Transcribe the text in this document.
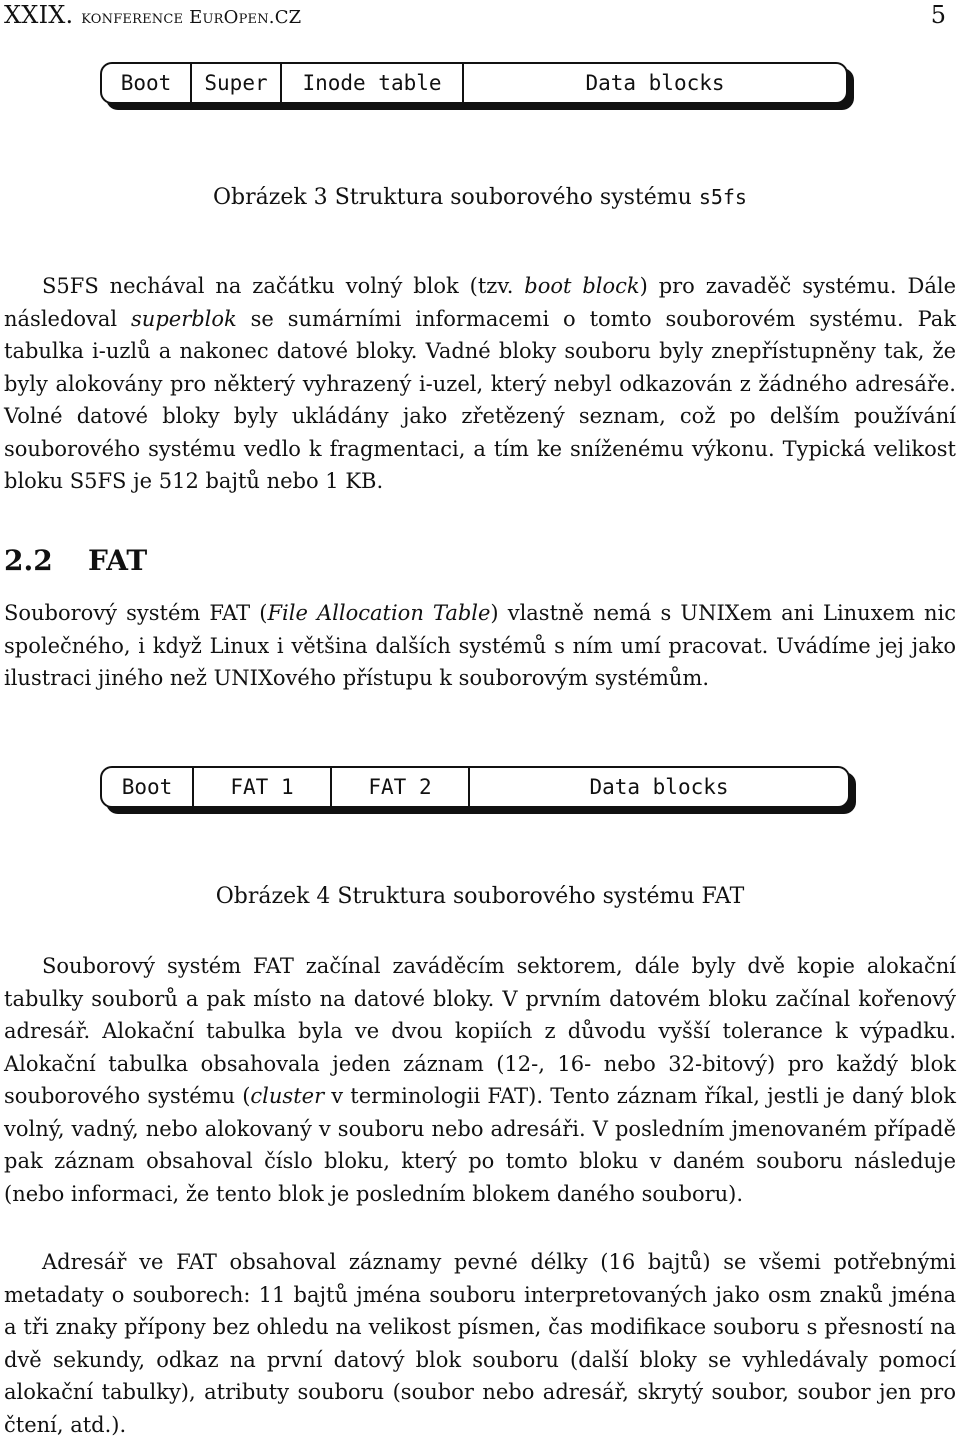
XXIX. konference EurOpen.CZ	5
Boot	Super	Inode table	Data blocks
Obrázek 3 Struktura souborového systému s5fs

S5FS nechával na začátku volný blok (tzv. boot block) pro zavaděč systému. Dále následoval superblok se sumárními informacemi o tomto souborovém systému. Pak tabulka i-uzlů a nakonec datové bloky. Vadné bloky souboru byly znepřístupněny tak, že byly alokovány pro některý vyhrazený i-uzel, který nebyl odkazován z žádného adresáře. Volné datové bloky byly ukládány jako zřetězený seznam, což po delším používání souborového systému vedlo k fragmentaci, a tím ke sníženému výkonu. Typická velikost bloku S5FS je 512 bajtů nebo 1 KB.

2.2 FAT

Souborový systém FAT (File Allocation Table) vlastně nemá s UNIXem ani Linuxem nic společného, i když Linux i většina dalších systémů s ním umí pracovat. Uvádíme jej jako ilustraci jiného než UNIXového přístupu k souborovým systémům.

Boot	FAT 1	FAT 2	Data blocks
Obrázek 4 Struktura souborového systému FAT

Souborový systém FAT začínal zaváděcím sektorem, dále byly dvě kopie alokační tabulky souborů a pak místo na datové bloky. V prvním datovém bloku začínal kořenový adresář. Alokační tabulka byla ve dvou kopiích z důvodu vyšší tolerance k výpadku. Alokační tabulka obsahovala jeden záznam (12-, 16- nebo 32-bitový) pro každý blok souborového systému (cluster v terminologii FAT). Tento záznam říkal, jestli je daný blok volný, vadný, nebo alokovaný v souboru nebo adresáři. V posledním jmenovaném případě pak záznam obsahoval číslo bloku, který po tomto bloku v daném souboru následuje (nebo informaci, že tento blok je posledním blokem daného souboru).

Adresář ve FAT obsahoval záznamy pevné délky (16 bajtů) se všemi potřebnými metadaty o souborech: 11 bajtů jména souboru interpretovaných jako osm znaků jména a tři znaky přípony bez ohledu na velikost písmen, čas modifikace souboru s přesností na dvě sekundy, odkaz na první datový blok souboru (další bloky se vyhledávaly pomocí alokační tabulky), atributy souboru (soubor nebo adresář, skrytý soubor, soubor jen pro čtení, atd.).
